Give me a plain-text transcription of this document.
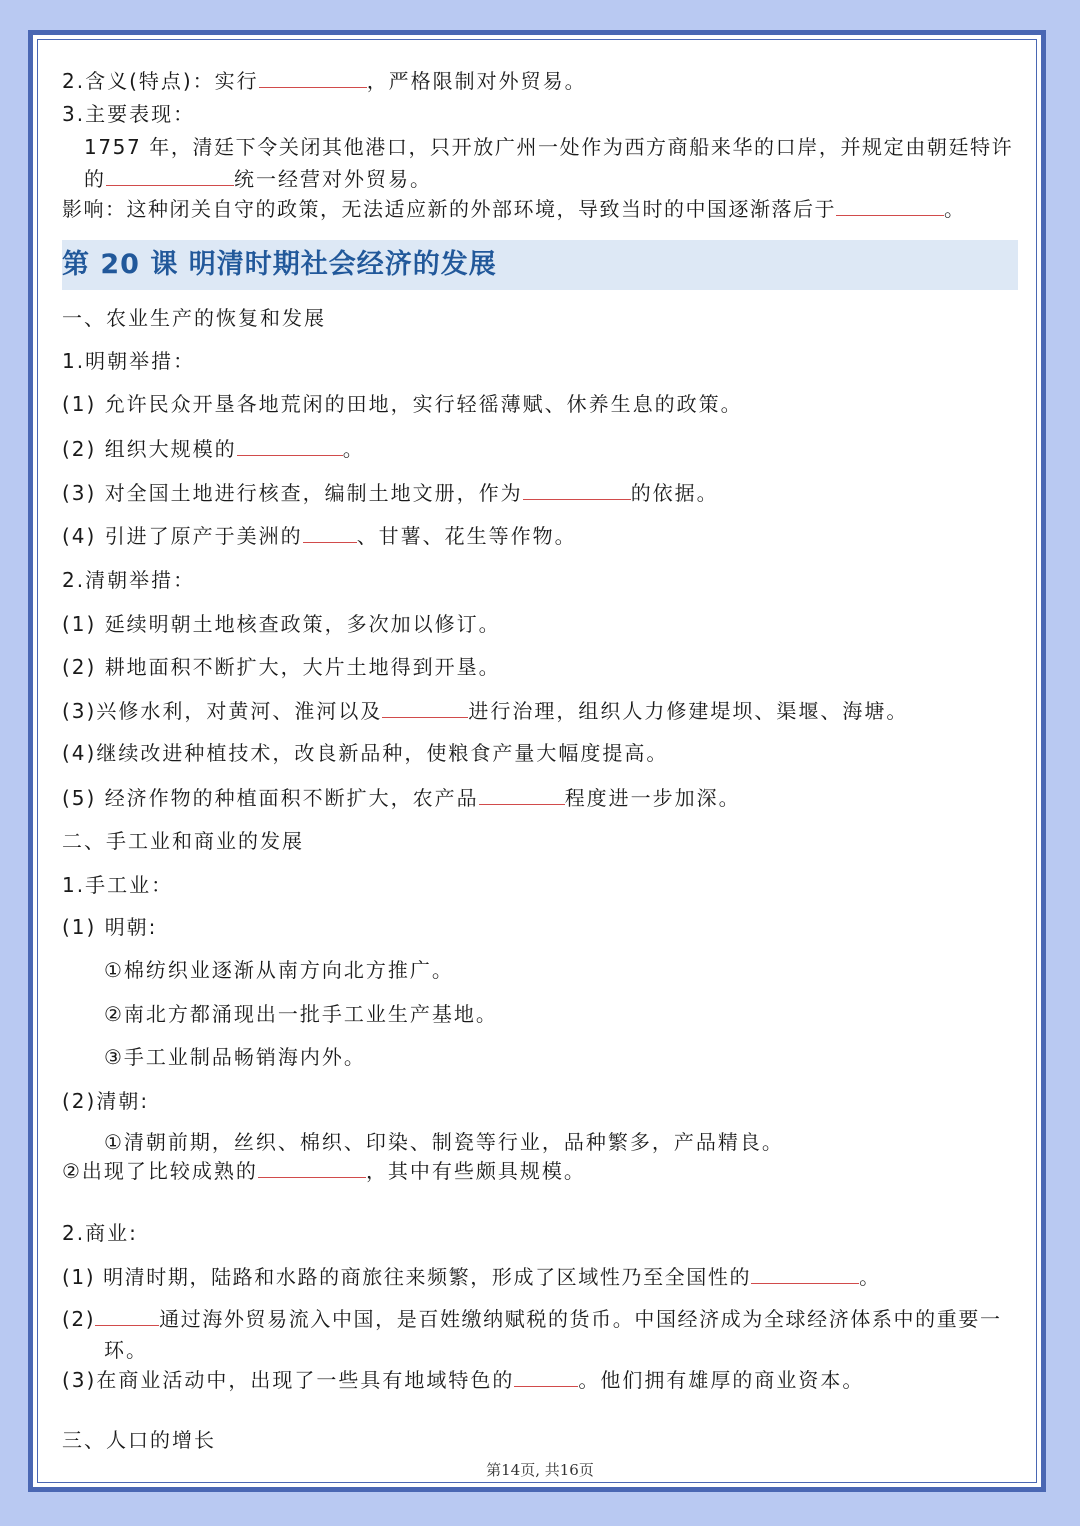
2.含义(特点)：实行	，严格限制对外贸易。
3.主要表现：
1757 年，清廷下令关闭其他港口，只开放广州一处作为西方商船来华的口岸，并规定由朝廷特许
的	统一经营对外贸易。
影响：这种闭关自守的政策，无法适应新的外部环境，导致当时的中国逐渐落后于	。
第 20 课 明清时期社会经济的发展
一、农业生产的恢复和发展
1.明朝举措：
(1) 允许民众开垦各地荒闲的田地，实行轻徭薄赋、休养生息的政策。
(2) 组织大规模的	。
(3) 对全国土地进行核查，编制土地文册，作为	的依据。
(4) 引进了原产于美洲的	、甘薯、花生等作物。
2.清朝举措：
(1) 延续明朝土地核查政策，多次加以修订。
(2) 耕地面积不断扩大，大片土地得到开垦。
(3)兴修水利，对黄河、淮河以及	进行治理，组织人力修建堤坝、渠堰、海塘。
(4)继续改进种植技术，改良新品种，使粮食产量大幅度提高。
(5) 经济作物的种植面积不断扩大，农产品	程度进一步加深。
二、手工业和商业的发展
1.手工业：
(1) 明朝:
①棉纺织业逐渐从南方向北方推广。
②南北方都涌现出一批手工业生产基地。
③手工业制品畅销海内外。
(2)清朝:
①清朝前期，丝织、棉织、印染、制瓷等行业，品种繁多，产品精良。
②出现了比较成熟的	，其中有些颇具规模。
2.商业:
(1) 明清时期，陆路和水路的商旅往来频繁，形成了区域性乃至全国性的	。
(2)	通过海外贸易流入中国，是百姓缴纳赋税的货币。中国经济成为全球经济体系中的重要一
环。
(3)在商业活动中，出现了一些具有地域特色的	。他们拥有雄厚的商业资本。
三、人口的增长
第14页, 共16页
